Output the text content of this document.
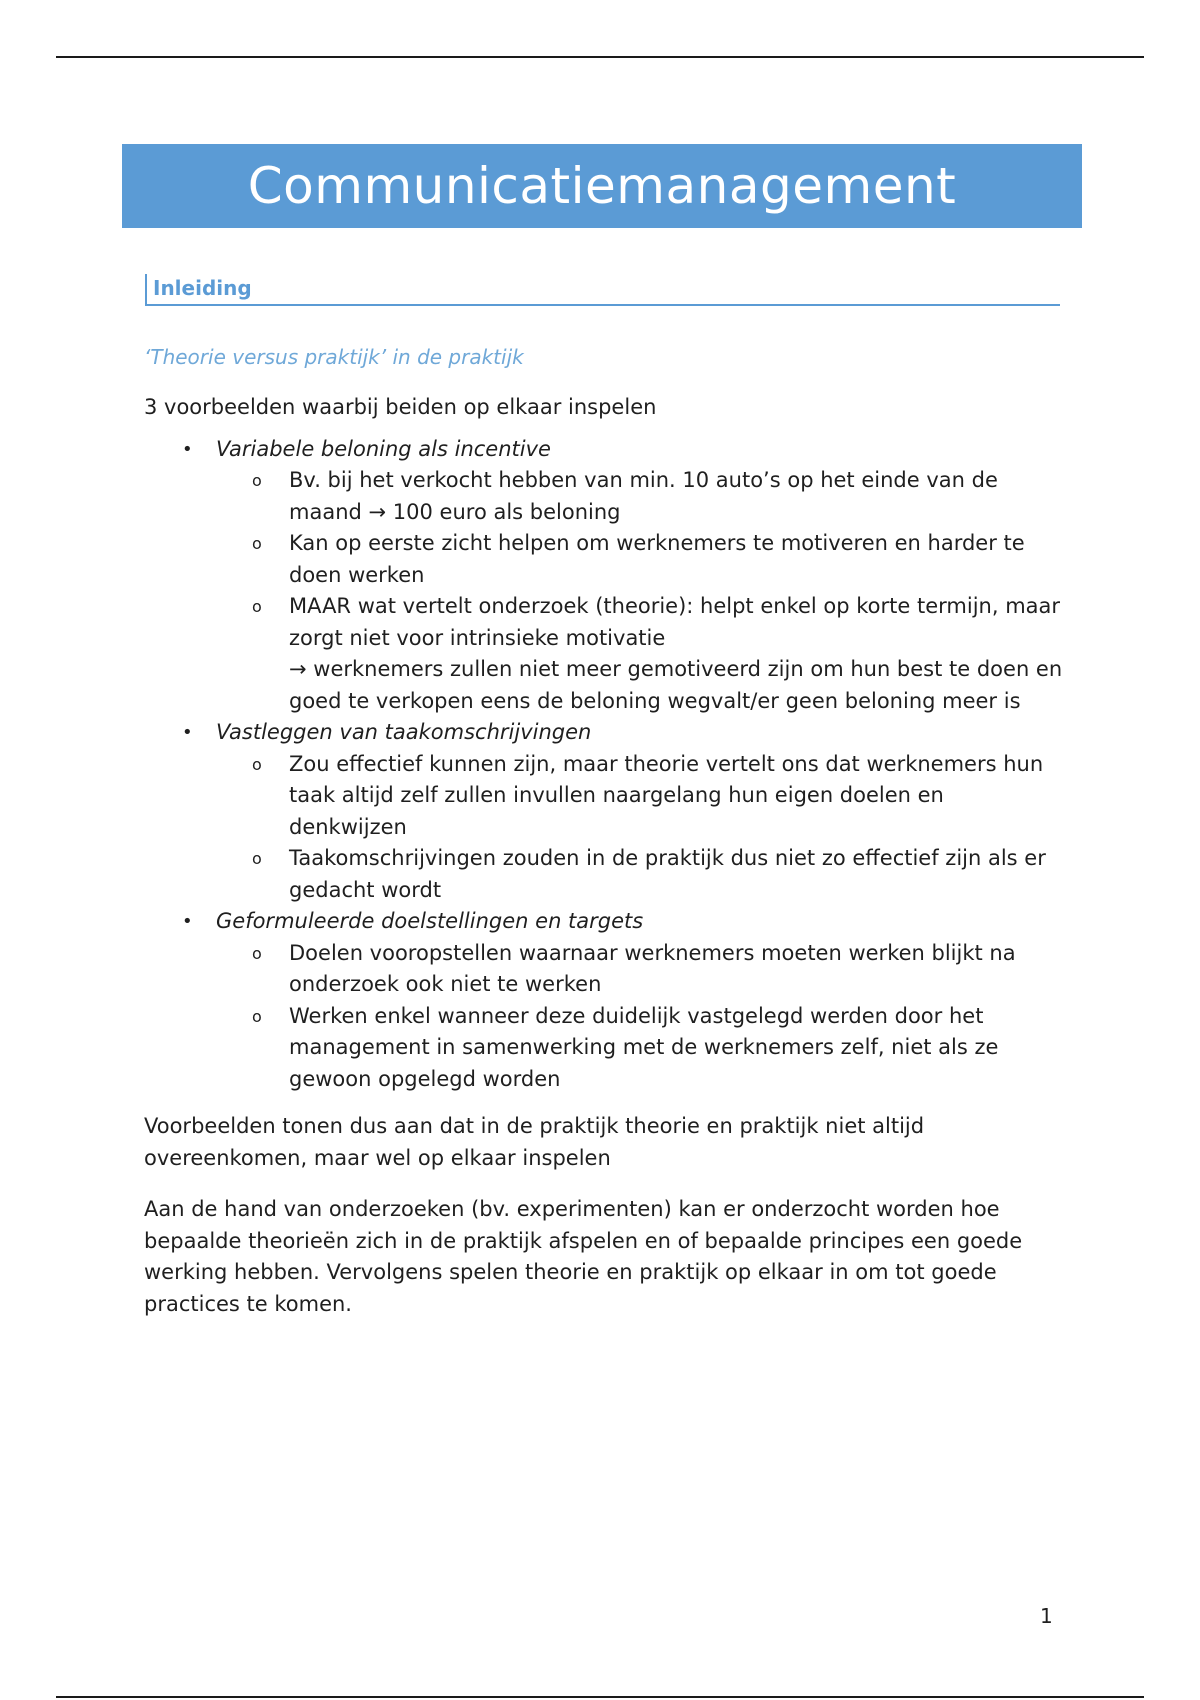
Communicatiemanagement
Inleiding
‘Theorie versus praktijk’ in de praktijk

3 voorbeelden waarbij beiden op elkaar inspelen

• Variabele beloning als incentive
o Bv. bij het verkocht hebben van min. 10 auto’s op het einde van de maand → 100 euro als beloning
o Kan op eerste zicht helpen om werknemers te motiveren en harder te doen werken
o MAAR wat vertelt onderzoek (theorie): helpt enkel op korte termijn, maar zorgt niet voor intrinsieke motivatie
→ werknemers zullen niet meer gemotiveerd zijn om hun best te doen en goed te verkopen eens de beloning wegvalt/er geen beloning meer is
• Vastleggen van taakomschrijvingen
o Zou effectief kunnen zijn, maar theorie vertelt ons dat werknemers hun taak altijd zelf zullen invullen naargelang hun eigen doelen en denkwijzen
o Taakomschrijvingen zouden in de praktijk dus niet zo effectief zijn als er gedacht wordt
• Geformuleerde doelstellingen en targets
o Doelen vooropstellen waarnaar werknemers moeten werken blijkt na onderzoek ook niet te werken
o Werken enkel wanneer deze duidelijk vastgelegd werden door het management in samenwerking met de werknemers zelf, niet als ze gewoon opgelegd worden

Voorbeelden tonen dus aan dat in de praktijk theorie en praktijk niet altijd overeenkomen, maar wel op elkaar inspelen

Aan de hand van onderzoeken (bv. experimenten) kan er onderzocht worden hoe bepaalde theorieën zich in de praktijk afspelen en of bepaalde principes een goede werking hebben. Vervolgens spelen theorie en praktijk op elkaar in om tot goede practices te komen.

1
